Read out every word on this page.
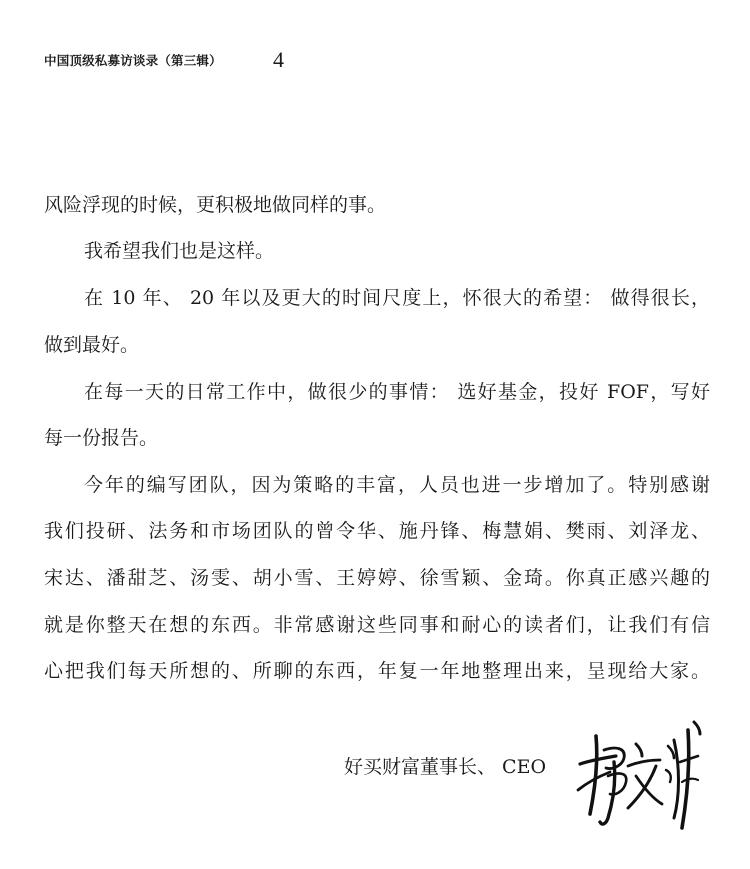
中国顶级私募访谈录（第三辑） 4
风险浮现的时候，更积极地做同样的事。
我希望我们也是这样。
在 10 年、 20 年以及更大的时间尺度上，怀很大的希望： 做得很长，
做到最好。
在每一天的日常工作中，做很少的事情： 选好基金，投好 FOF，写好
每一份报告。
今年的编写团队，因为策略的丰富，人员也进一步增加了。特别感谢
我们投研、法务和市场团队的曾令华、施丹锋、梅慧娟、樊雨、刘泽龙、
宋达、潘甜芝、汤雯、胡小雪、王婷婷、徐雪颖、金琦。你真正感兴趣的
就是你整天在想的东西。非常感谢这些同事和耐心的读者们，让我们有信
心把我们每天所想的、所聊的东西，年复一年地整理出来，呈现给大家。
好买财富董事长、 CEO
